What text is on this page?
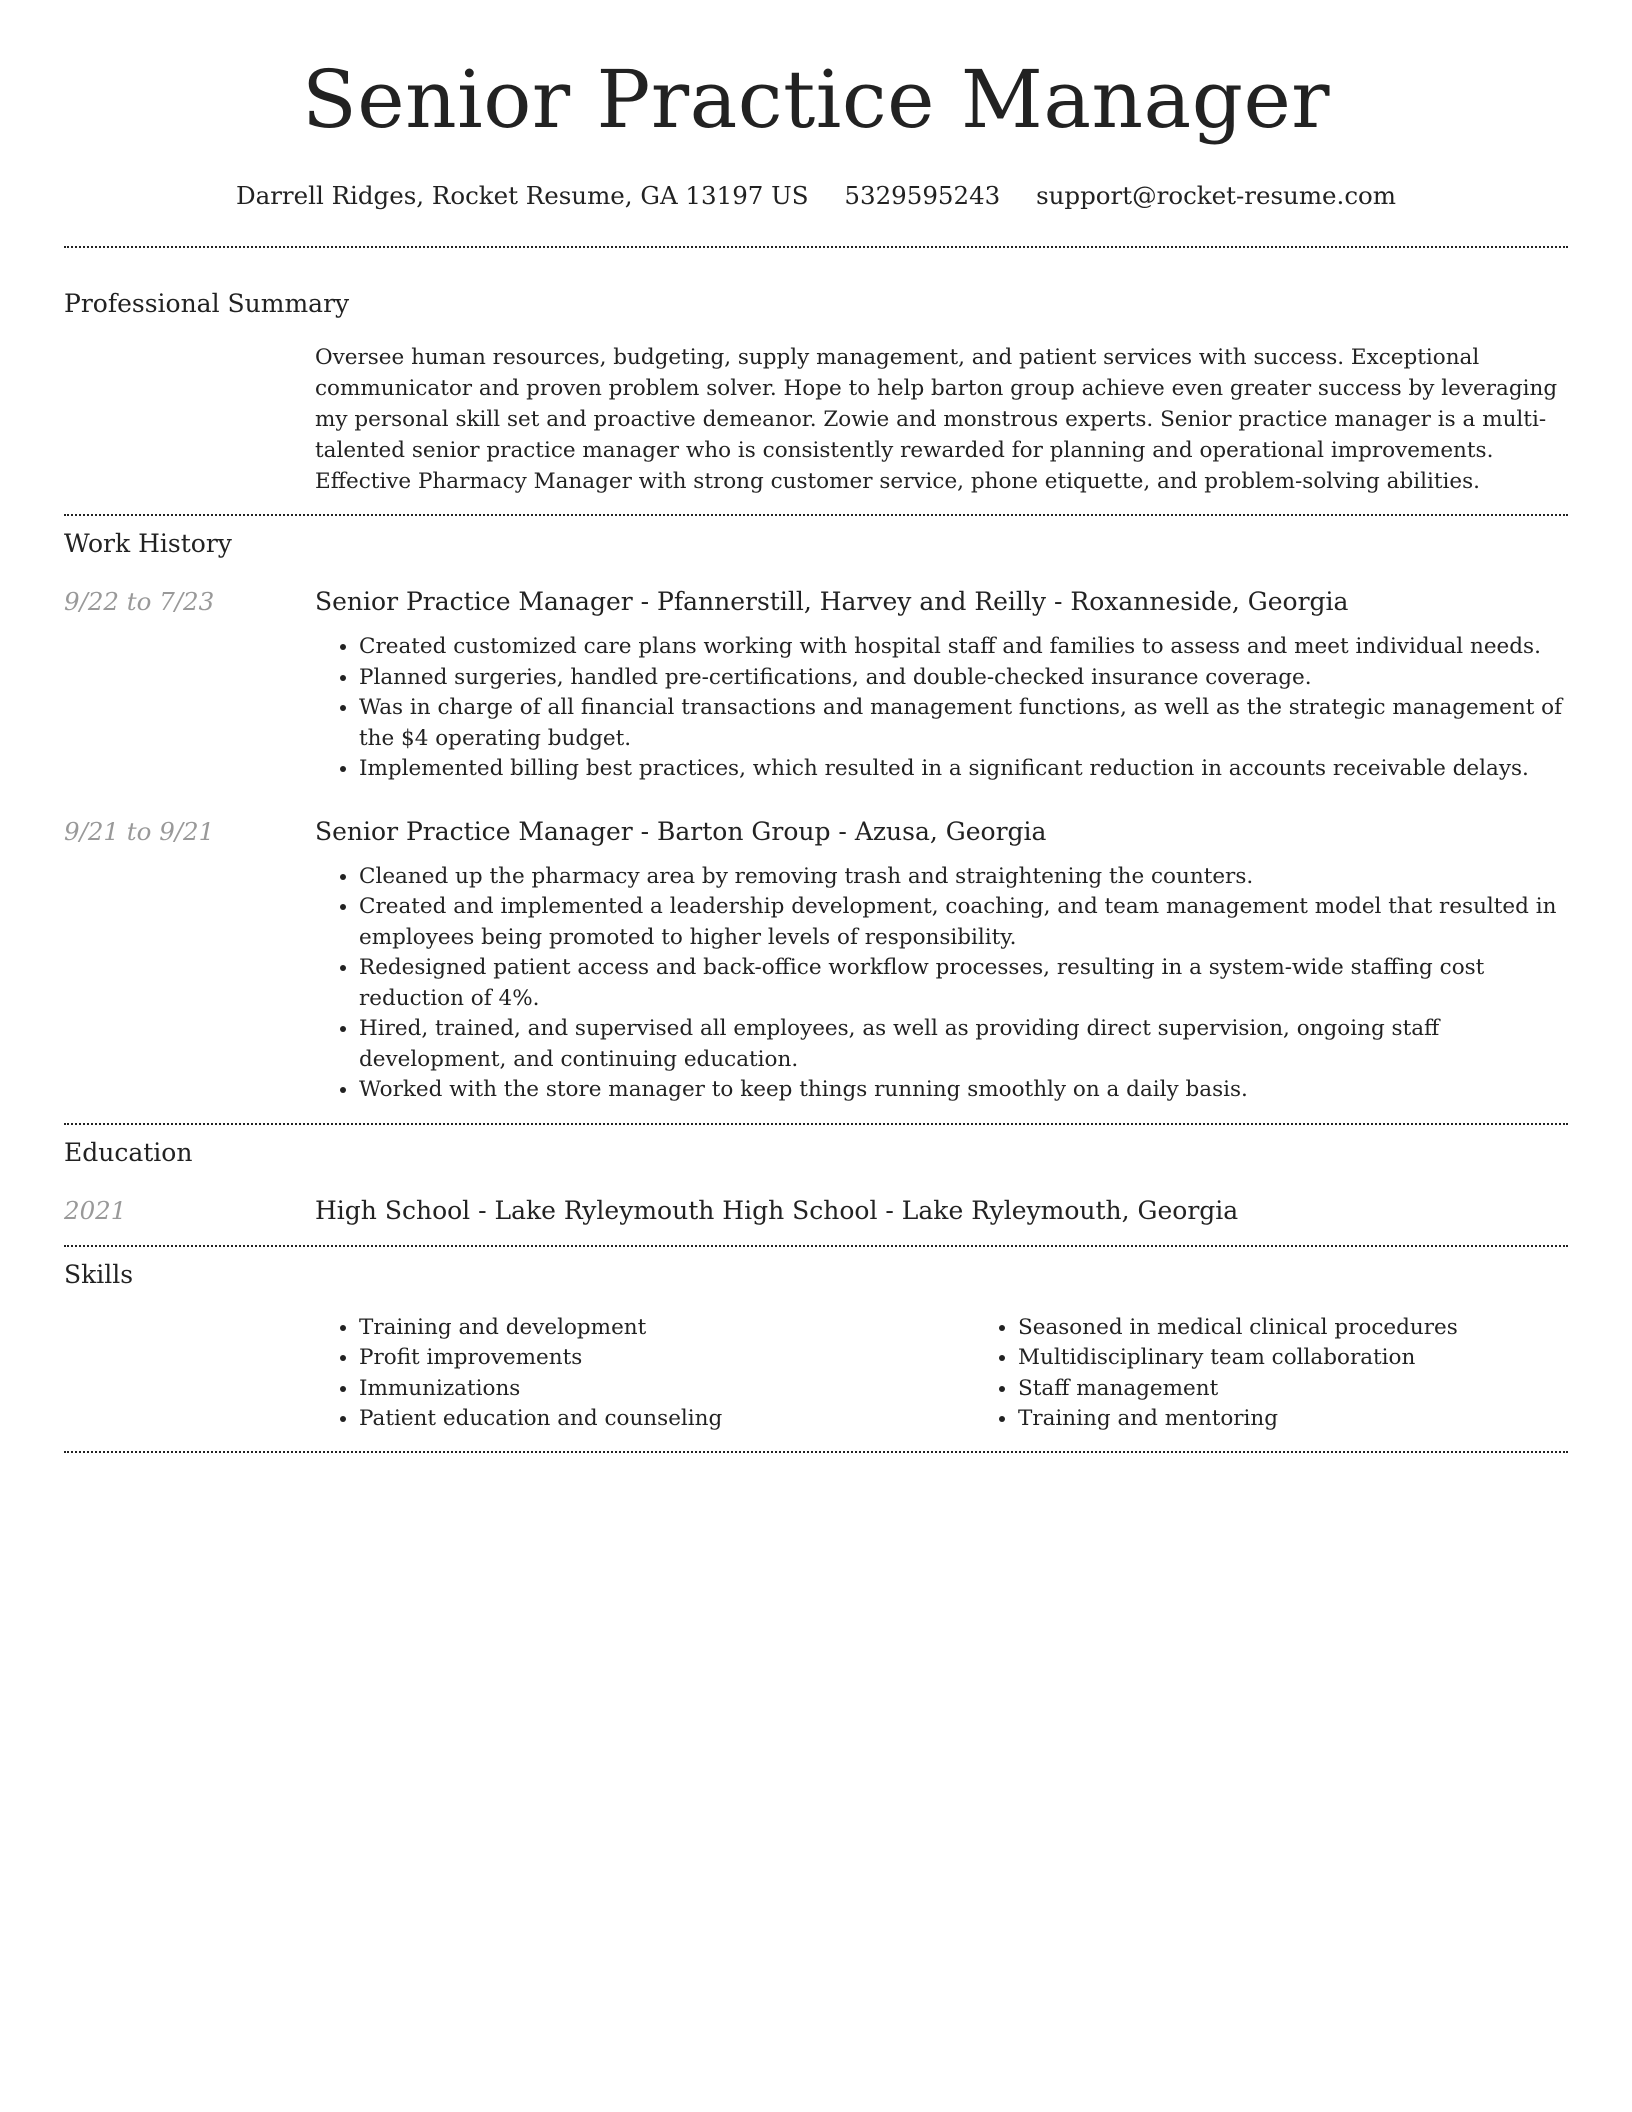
Senior Practice Manager
Darrell Ridges, Rocket Resume, GA 13197 US 5329595243 support@rocket-resume.com
Professional Summary

Oversee human resources, budgeting, supply management, and patient services with success. Exceptional communicator and proven problem solver. Hope to help barton group achieve even greater success by leveraging my personal skill set and proactive demeanor. Zowie and monstrous experts. Senior practice manager is a multi-talented senior practice manager who is consistently rewarded for planning and operational improvements. Effective Pharmacy Manager with strong customer service, phone etiquette, and problem-solving abilities.

Work History
9/22 to 7/23	Senior Practice Manager - Pfannerstill, Harvey and Reilly - Roxanneside, Georgia
• Created customized care plans working with hospital staff and families to assess and meet individual needs.
• Planned surgeries, handled pre-certifications, and double-checked insurance coverage.
• Was in charge of all financial transactions and management functions, as well as the strategic management of the $4 operating budget.
• Implemented billing best practices, which resulted in a significant reduction in accounts receivable delays.
9/21 to 9/21	Senior Practice Manager - Barton Group - Azusa, Georgia
• Cleaned up the pharmacy area by removing trash and straightening the counters.
• Created and implemented a leadership development, coaching, and team management model that resulted in employees being promoted to higher levels of responsibility.
• Redesigned patient access and back-office workflow processes, resulting in a system-wide staffing cost reduction of 4%.
• Hired, trained, and supervised all employees, as well as providing direct supervision, ongoing staff development, and continuing education.
• Worked with the store manager to keep things running smoothly on a daily basis.
Education
2021	High School - Lake Ryleymouth High School - Lake Ryleymouth, Georgia
Skills
• Training and development
• Profit improvements
• Immunizations
• Patient education and counseling
• Seasoned in medical clinical procedures
• Multidisciplinary team collaboration
• Staff management
• Training and mentoring
